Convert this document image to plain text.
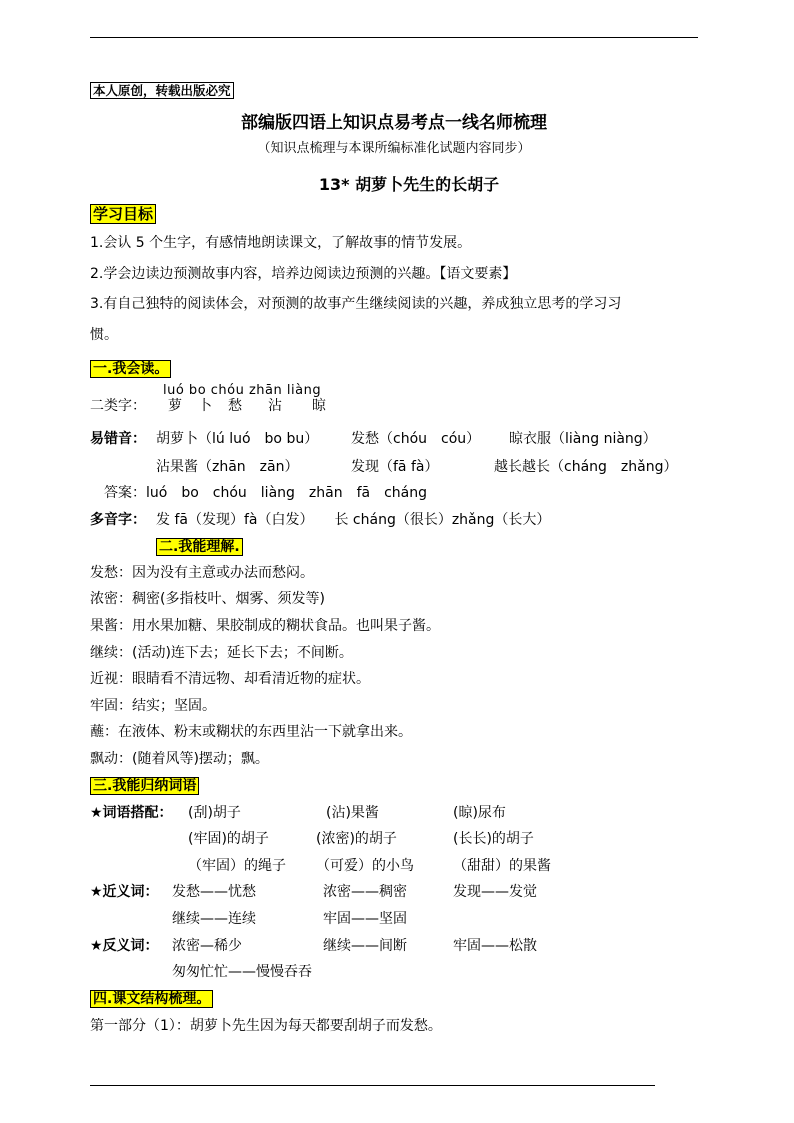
本人原创，转载出版必究
部编版四语上知识点易考点一线名师梳理
（知识点梳理与本课所编标准化试题内容同步）
13* 胡萝卜先生的长胡子
学习目标
1.会认 5 个生字，有感情地朗读课文，了解故事的情节发展。
2.学会边读边预测故事内容，培养边阅读边预测的兴趣。【语文要素】
3.有自己独特的阅读体会，对预测的故事产生继续阅读的兴趣，养成独立思考的学习习
惯。
一.我会读。
luó bo chóu zhān liàng
二类字： 萝 卜 愁 沾 晾
易错音： 胡萝卜（lú luó　bo bu） 发愁（chóu　cóu） 晾衣服（liàng niàng）
沾果酱（zhān　zān）	发现（fā fà）	越长越长（cháng　zhǎng）
答案：luó　bo　chóu　liàng　zhān　fā　cháng
多音字： 发 fā（发现）fà（白发）　　长 cháng（很长）zhǎng（长大）
二.我能理解.
发愁：因为没有主意或办法而愁闷。
浓密：稠密(多指枝叶、烟雾、须发等)
果酱：用水果加糖、果胶制成的糊状食品。也叫果子酱。
继续：(活动)连下去；延长下去；不间断。
近视：眼睛看不清远物、却看清近物的症状。
牢固：结实；坚固。
蘸：在液体、粉末或糊状的东西里沾一下就拿出来。
飘动：(随着风等)摆动；飘。
三.我能归纳词语
★词语搭配： (刮)胡子	(沾)果酱	(晾)尿布
(牢固)的胡子	(浓密)的胡子	(长长)的胡子
（牢固）的绳子 （可爱）的小鸟	（甜甜）的果酱
★近义词： 发愁——忧愁	浓密——稠密	发现——发觉
继续——连续	牢固——坚固
★反义词： 浓密—稀少	继续——间断	牢固——松散
匆匆忙忙——慢慢吞吞
四.课文结构梳理。
第一部分（1）：胡萝卜先生因为每天都要刮胡子而发愁。
